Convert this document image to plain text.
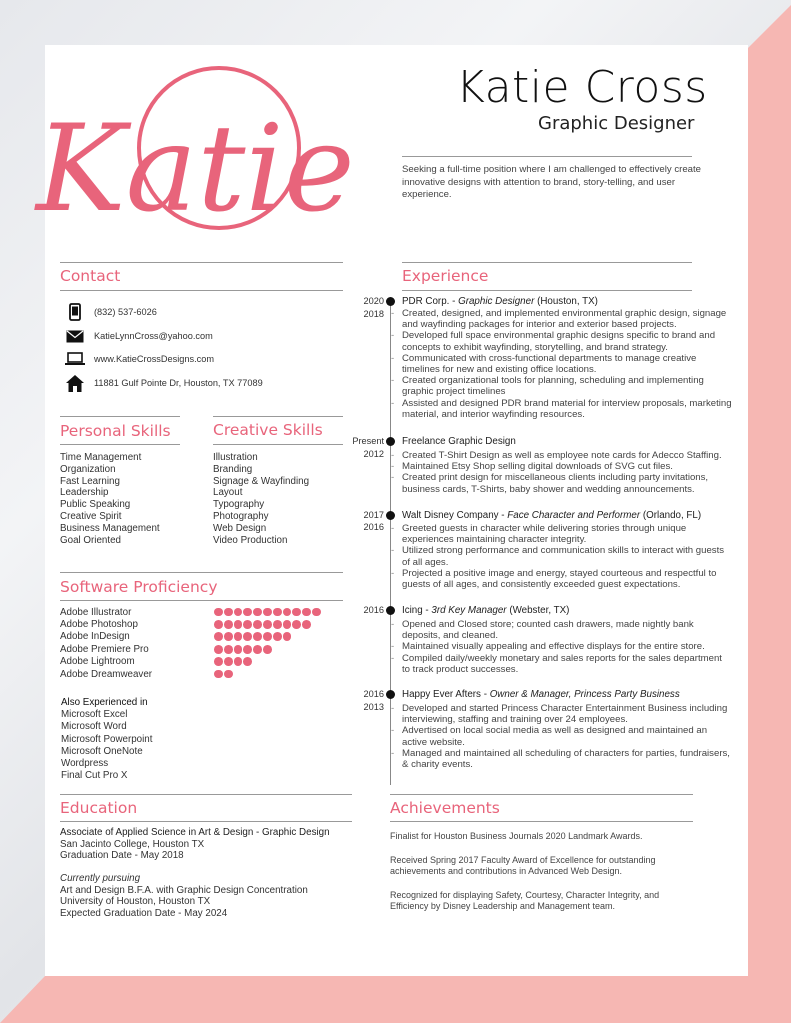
Katie
Katie Cross
Graphic Designer
Seeking a full-time position where I am challenged to effectively create innovative designs with attention to brand, story-telling, and user experience.
Contact
(832) 537-6026
KatieLynnCross@yahoo.com
www.KatieCrossDesigns.com
11881 Gulf Pointe Dr, Houston, TX 77089
Personal Skills
Time Management
Organization
Fast Learning
Leadership
Public Speaking
Creative Spirit
Business Management
Goal Oriented
Creative Skills
Illustration
Branding
Signage & Wayfinding
Layout
Typography
Photography
Web Design
Video Production
Software Proficiency
Adobe Illustrator
Adobe Photoshop
Adobe InDesign
Adobe Premiere Pro
Adobe Lightroom
Adobe Dreamweaver
Also Experienced in
Microsoft Excel
Microsoft Word
Microsoft Powerpoint
Microsoft OneNote
Wordpress
Final Cut Pro X
Experience
2020
2018
PDR Corp. - Graphic Designer (Houston, TX)
- Created, designed, and implemented environmental graphic design, signage and wayfinding packages for interior and exterior based projects.
- Developed full space environmental graphic designs specific to brand and concepts to exhibit wayfinding, storytelling, and brand strategy.
- Communicated with cross-functional departments to manage creative timelines for new and existing office locations.
- Created organizational tools for planning, scheduling and implementing graphic project timelines
- Assisted and designed PDR brand material for interview proposals, marketing material, and interior wayfinding resources.
Present
2012
Freelance Graphic Design
- Created T-Shirt Design as well as employee note cards for Adecco Staffing.
- Maintained Etsy Shop selling digital downloads of SVG cut files.
- Created print design for miscellaneous clients including party invitations, business cards, T-Shirts, baby shower and wedding announcements.
2017
2016
Walt Disney Company - Face Character and Performer (Orlando, FL)
- Greeted guests in character while delivering stories through unique experiences maintaining character integrity.
- Utilized strong performance and communication skills to interact with guests of all ages.
- Projected a positive image and energy, stayed courteous and respectful to guests of all ages, and consistently exceeded guest expectations.
2016 Icing - 3rd Key Manager (Webster, TX)
- Opened and Closed store; counted cash drawers, made nightly bank deposits, and cleaned.
- Maintained visually appealing and effective displays for the entire store.
- Compiled daily/weekly monetary and sales reports for the sales department to track product successes.
2016
2013
Happy Ever Afters - Owner & Manager, Princess Party Business
- Developed and started Princess Character Entertainment Business including interviewing, staffing and training over 24 employees.
- Advertised on local social media as well as designed and maintained an active website.
- Managed and maintained all scheduling of characters for parties, fundraisers, & charity events.
Education
Associate of Applied Science in Art & Design - Graphic Design
San Jacinto College, Houston TX
Graduation Date - May 2018
Currently pursuing
Art and Design B.F.A. with Graphic Design Concentration
University of Houston, Houston TX
Expected Graduation Date - May 2024
Achievements
Finalist for Houston Business Journals 2020 Landmark Awards.
Received Spring 2017 Faculty Award of Excellence for outstanding achievements and contributions in Advanced Web Design.
Recognized for displaying Safety, Courtesy, Character Integrity, and Efficiency by Disney Leadership and Management team.
